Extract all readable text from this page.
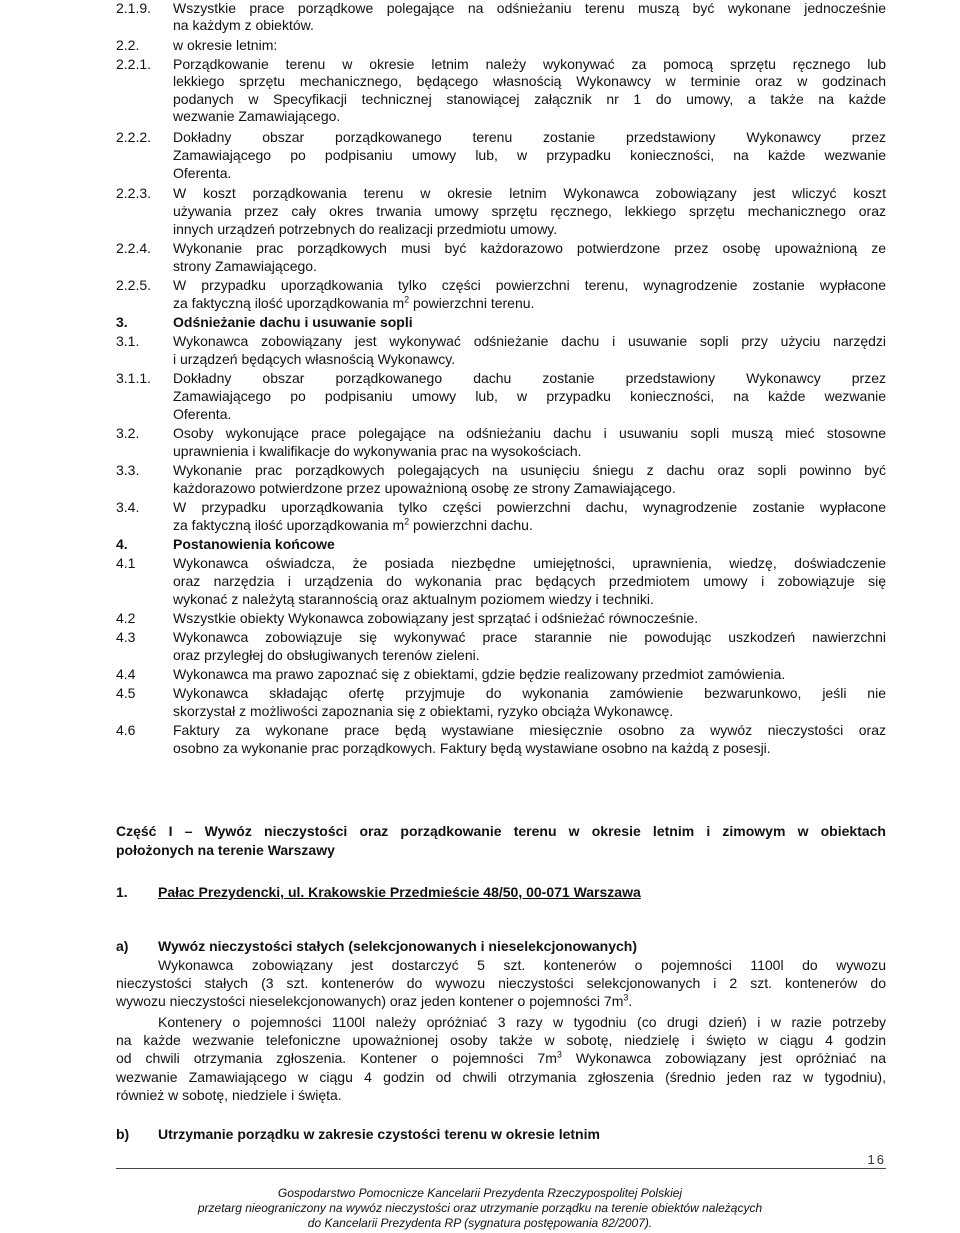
2.1.9. Wszystkie prace porządkowe polegające na odśnieżaniu terenu muszą być wykonane jednocześnie
na każdym z obiektów.
2.2. w okresie letnim:
2.2.1. Porządkowanie terenu w okresie letnim należy wykonywać za pomocą sprzętu ręcznego lub
lekkiego sprzętu mechanicznego, będącego własnością Wykonawcy w terminie oraz w godzinach
podanych w Specyfikacji technicznej stanowiącej załącznik nr 1 do umowy, a także na każde
wezwanie Zamawiającego.
2.2.2. Dokładny obszar porządkowanego terenu zostanie przedstawiony Wykonawcy przez
Zamawiającego po podpisaniu umowy lub, w przypadku konieczności, na każde wezwanie
Oferenta.
2.2.3. W koszt porządkowania terenu w okresie letnim Wykonawca zobowiązany jest wliczyć koszt
używania przez cały okres trwania umowy sprzętu ręcznego, lekkiego sprzętu mechanicznego oraz
innych urządzeń potrzebnych do realizacji przedmiotu umowy.
2.2.4. Wykonanie prac porządkowych musi być każdorazowo potwierdzone przez osobę upoważnioną ze
strony Zamawiającego.
2.2.5. W przypadku uporządkowania tylko części powierzchni terenu, wynagrodzenie zostanie wypłacone
za faktyczną ilość uporządkowania $m^2$ powierzchni terenu.
3.	Odśnieżanie dachu i usuwanie sopli
3.1. Wykonawca zobowiązany jest wykonywać odśnieżanie dachu i usuwanie sopli przy użyciu narzędzi
i urządzeń będących własnością Wykonawcy.
3.1.1. Dokładny obszar porządkowanego dachu zostanie przedstawiony Wykonawcy przez
Zamawiającego po podpisaniu umowy lub, w przypadku konieczności, na każde wezwanie
Oferenta.
3.2. Osoby wykonujące prace polegające na odśnieżaniu dachu i usuwaniu sopli muszą mieć stosowne
uprawnienia i kwalifikacje do wykonywania prac na wysokościach.
3.3. Wykonanie prac porządkowych polegających na usunięciu śniegu z dachu oraz sopli powinno być
każdorazowo potwierdzone przez upoważnioną osobę ze strony Zamawiającego.
3.4. W przypadku uporządkowania tylko części powierzchni dachu, wynagrodzenie zostanie wypłacone
za faktyczną ilość uporządkowania $m^2$ powierzchni dachu.
4.	Postanowienia końcowe
4.1	Wykonawca oświadcza, że posiada niezbędne umiejętności, uprawnienia, wiedzę, doświadczenie
oraz narzędzia i urządzenia do wykonania prac będących przedmiotem umowy i zobowiązuje się
wykonać z należytą starannością oraz aktualnym poziomem wiedzy i techniki.
4.2	Wszystkie obiekty Wykonawca zobowiązany jest sprzątać i odśnieżać równocześnie.
4.3	Wykonawca zobowiązuje się wykonywać prace starannie nie powodując uszkodzeń nawierzchni
oraz przyległej do obsługiwanych terenów zieleni.
4.4	Wykonawca ma prawo zapoznać się z obiektami, gdzie będzie realizowany przedmiot zamówienia.
4.5	Wykonawca składając ofertę przyjmuje do wykonania zamówienie bezwarunkowo, jeśli nie
skorzystał z możliwości zapoznania się z obiektami, ryzyko obciąża Wykonawcę.
4.6	Faktury za wykonane prace będą wystawiane miesięcznie osobno za wywóz nieczystości oraz
osobno za wykonanie prac porządkowych. Faktury będą wystawiane osobno na każdą z posesji.
Część I – Wywóz nieczystości oraz porządkowanie terenu w okresie letnim i zimowym w obiektach
położonych na terenie Warszawy
1. Pałac Prezydencki, ul. Krakowskie Przedmieście 48/50, 00-071 Warszawa
a) Wywóz nieczystości stałych (selekcjonowanych i nieselekcjonowanych)
Wykonawca zobowiązany jest dostarczyć 5 szt. kontenerów o pojemności 1100l do wywozu
nieczystości stałych (3 szt. kontenerów do wywozu nieczystości selekcjonowanych i 2 szt. kontenerów do
wywozu nieczystości nieselekcjonowanych) oraz jeden kontener o pojemności $7m^3$.
Kontenery o pojemności 1100l należy opróżniać 3 razy w tygodniu (co drugi dzień) i w razie potrzeby
na każde wezwanie telefoniczne upoważnionej osoby także w sobotę, niedzielę i święto w ciągu 4 godzin
od chwili otrzymania zgłoszenia. Kontener o pojemności $7m^3$ Wykonawca zobowiązany jest opróżniać na
wezwanie Zamawiającego w ciągu 4 godzin od chwili otrzymania zgłoszenia (średnio jeden raz w tygodniu),
również w sobotę, niedziele i święta.
b) Utrzymanie porządku w zakresie czystości terenu w okresie letnim
16
Gospodarstwo Pomocnicze Kancelarii Prezydenta Rzeczypospolitej Polskiej
przetarg nieograniczony na wywóz nieczystości oraz utrzymanie porządku na terenie obiektów należących
do Kancelarii Prezydenta RP (sygnatura postępowania 82/2007).
